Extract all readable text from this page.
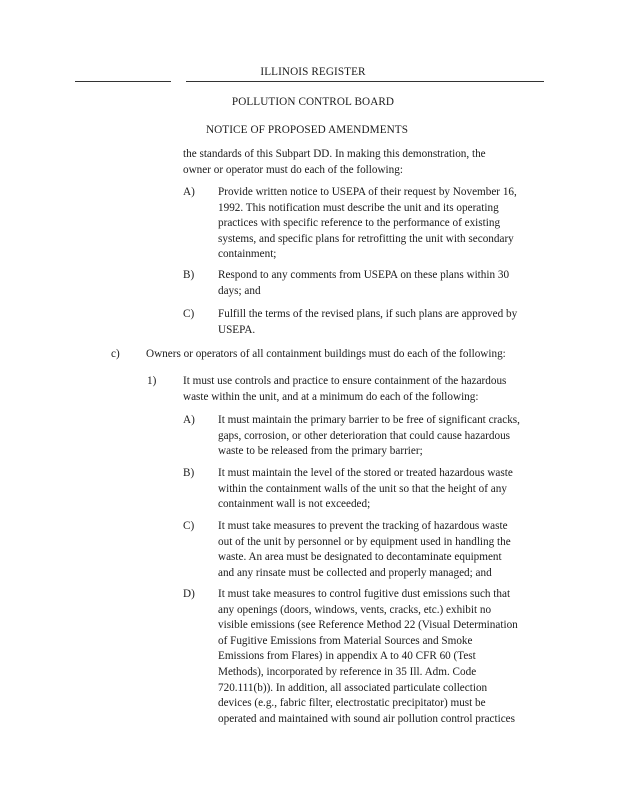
ILLINOIS REGISTER
POLLUTION CONTROL BOARD
NOTICE OF PROPOSED AMENDMENTS
the standards of this Subpart DD. In making this demonstration, the
owner or operator must do each of the following:
A) Provide written notice to USEPA of their request by November 16,
1992. This notification must describe the unit and its operating
practices with specific reference to the performance of existing
systems, and specific plans for retrofitting the unit with secondary
containment;
B) Respond to any comments from USEPA on these plans within 30
days; and
C) Fulfill the terms of the revised plans, if such plans are approved by
USEPA.
c) Owners or operators of all containment buildings must do each of the following:
1) It must use controls and practice to ensure containment of the hazardous
waste within the unit, and at a minimum do each of the following:
A) It must maintain the primary barrier to be free of significant cracks,
gaps, corrosion, or other deterioration that could cause hazardous
waste to be released from the primary barrier;
B) It must maintain the level of the stored or treated hazardous waste
within the containment walls of the unit so that the height of any
containment wall is not exceeded;
C) It must take measures to prevent the tracking of hazardous waste
out of the unit by personnel or by equipment used in handling the
waste. An area must be designated to decontaminate equipment
and any rinsate must be collected and properly managed; and
D) It must take measures to control fugitive dust emissions such that
any openings (doors, windows, vents, cracks, etc.) exhibit no
visible emissions (see Reference Method 22 (Visual Determination
of Fugitive Emissions from Material Sources and Smoke
Emissions from Flares) in appendix A to 40 CFR 60 (Test
Methods), incorporated by reference in 35 Ill. Adm. Code
720.111(b)). In addition, all associated particulate collection
devices (e.g., fabric filter, electrostatic precipitator) must be
operated and maintained with sound air pollution control practices
